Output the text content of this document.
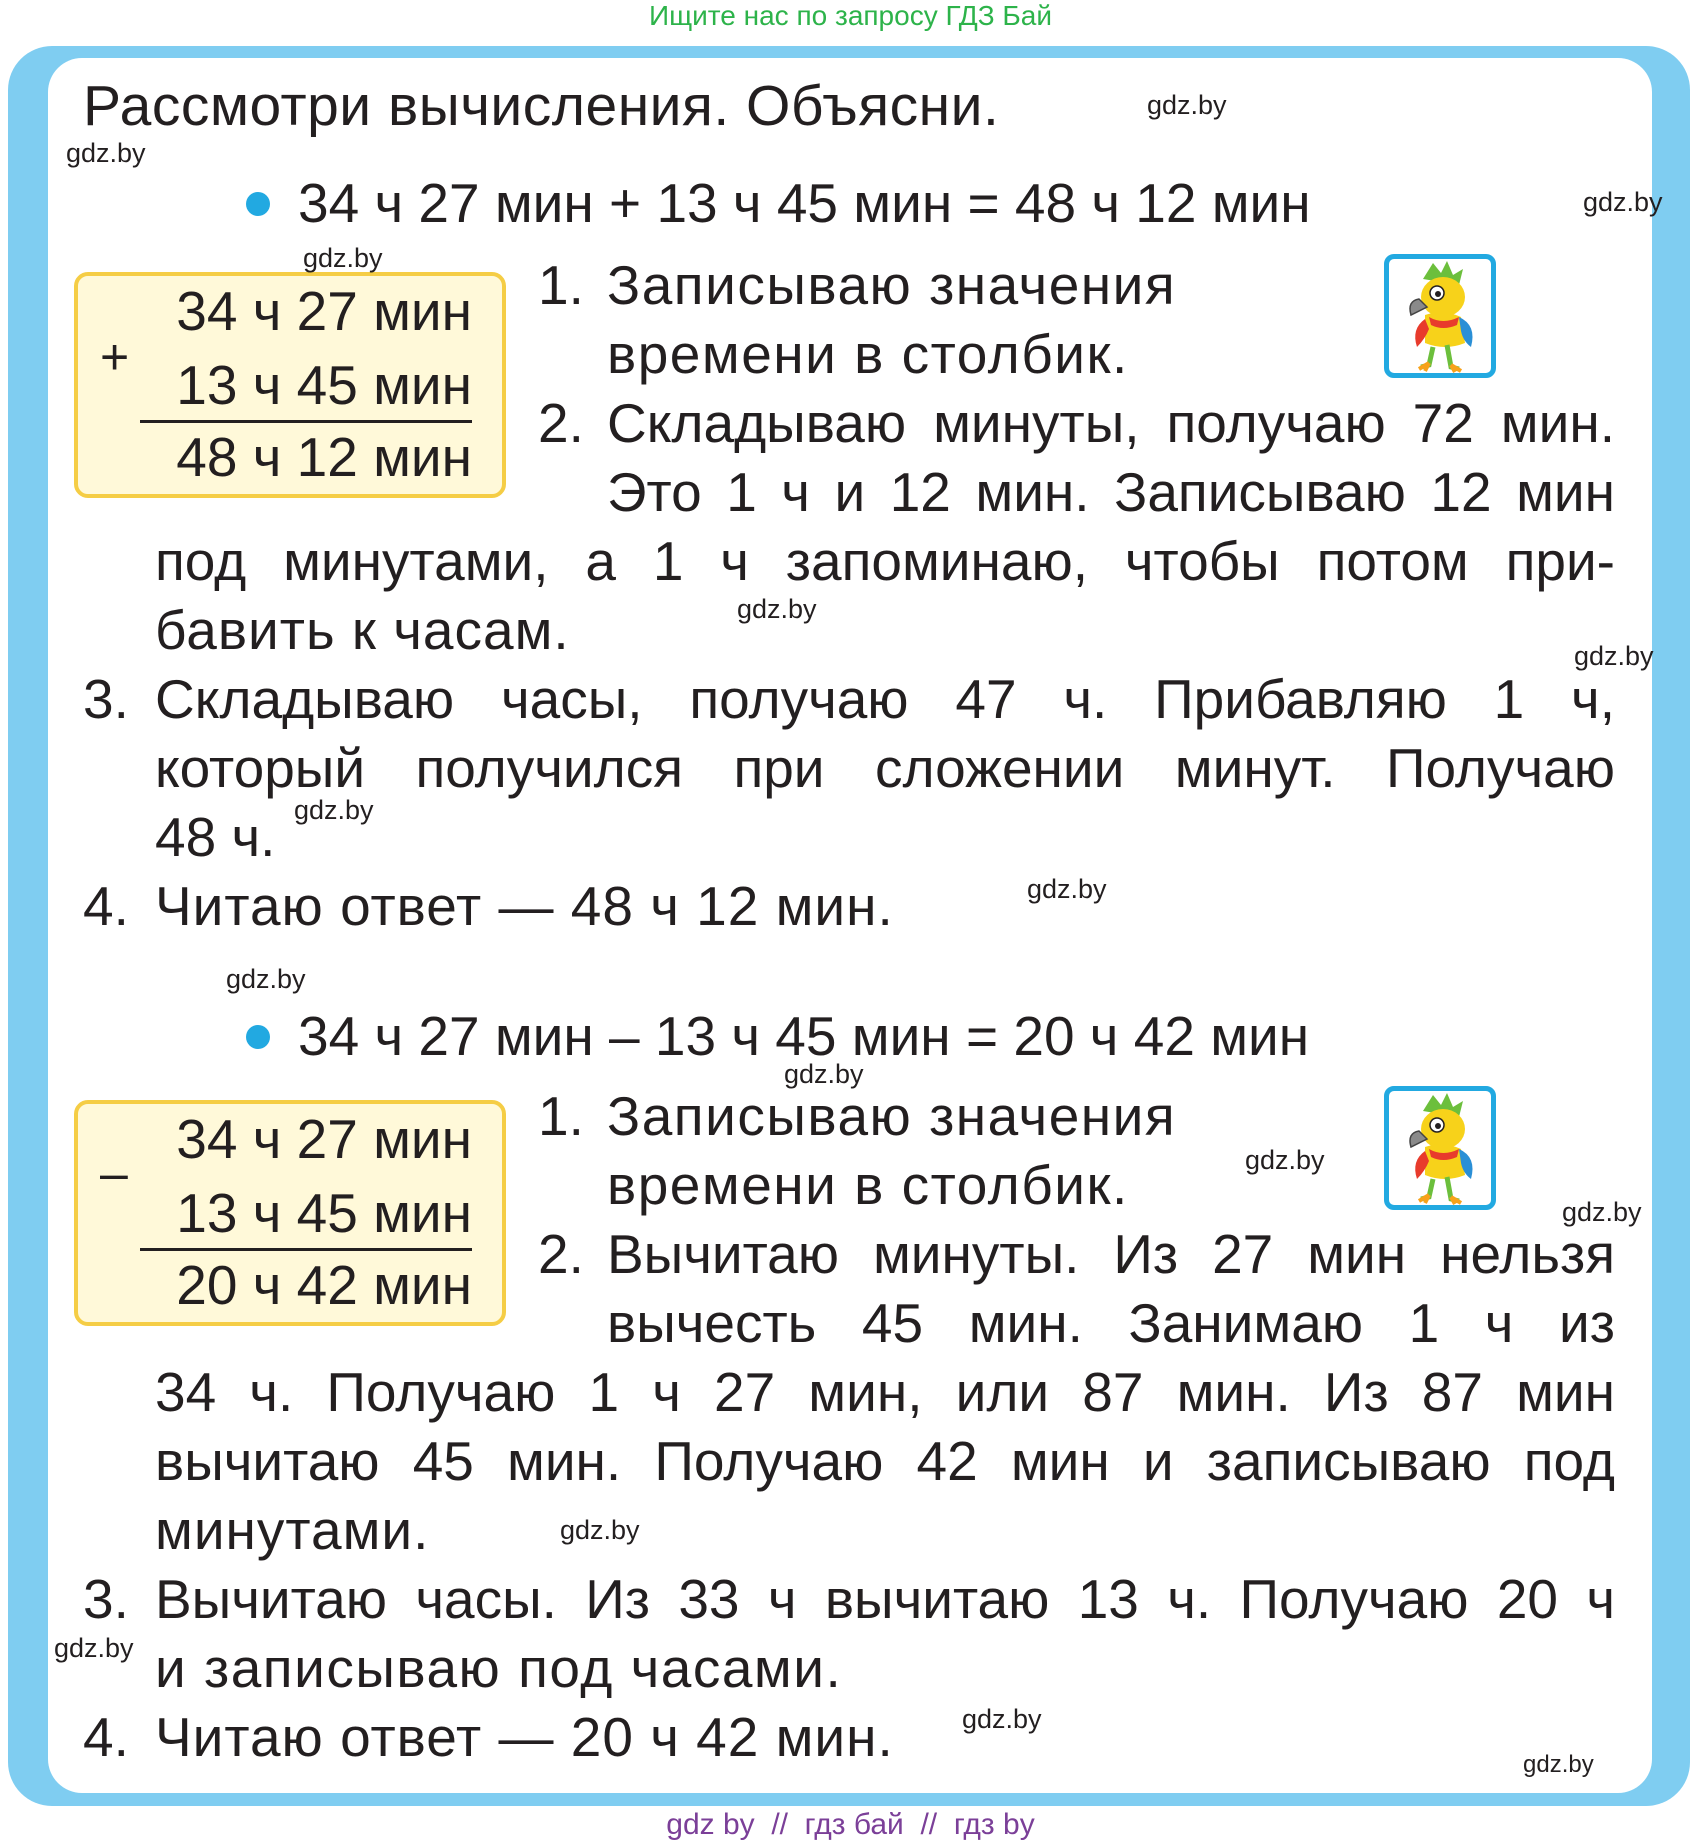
Ищите нас по запросу ГДЗ Бай
Рассмотри вычисления. Объясни.
34 ч 27 мин + 13 ч 45 мин = 48 ч 12 мин
+
34 ч 27 мин
13 ч 45 мин
48 ч 12 мин
1. Записываю значения
времени в столбик.
2. Складываю минуты, получаю 72 мин.
Это 1 ч и 12 мин. Записываю 12 мин
под минутами, а 1 ч запоминаю, чтобы потом при-
бавить к часам.
3. Складываю часы, получаю 47 ч. Прибавляю 1 ч,
который получился при сложении минут. Получаю
48 ч.
4. Читаю ответ — 48 ч 12 мин.
34 ч 27 мин – 13 ч 45 мин = 20 ч 42 мин
–
34 ч 27 мин
13 ч 45 мин
20 ч 42 мин
1. Записываю значения
времени в столбик.
2. Вычитаю минуты. Из 27 мин нельзя
вычесть 45 мин. Занимаю 1 ч из
34 ч. Получаю 1 ч 27 мин, или 87 мин. Из 87 мин
вычитаю 45 мин. Получаю 42 мин и записываю под
минутами.
3. Вычитаю часы. Из 33 ч вычитаю 13 ч. Получаю 20 ч
и записываю под часами.
4. Читаю ответ — 20 ч 42 мин.
gdz.by
gdz.by
gdz.by
gdz.by
gdz.by
gdz.by
gdz.by
gdz.by
gdz.by
gdz.by
gdz.by
gdz.by
gdz.by
gdz.by
gdz.by
gdz.by
gdz by  //  гдз бай  //  гдз by
